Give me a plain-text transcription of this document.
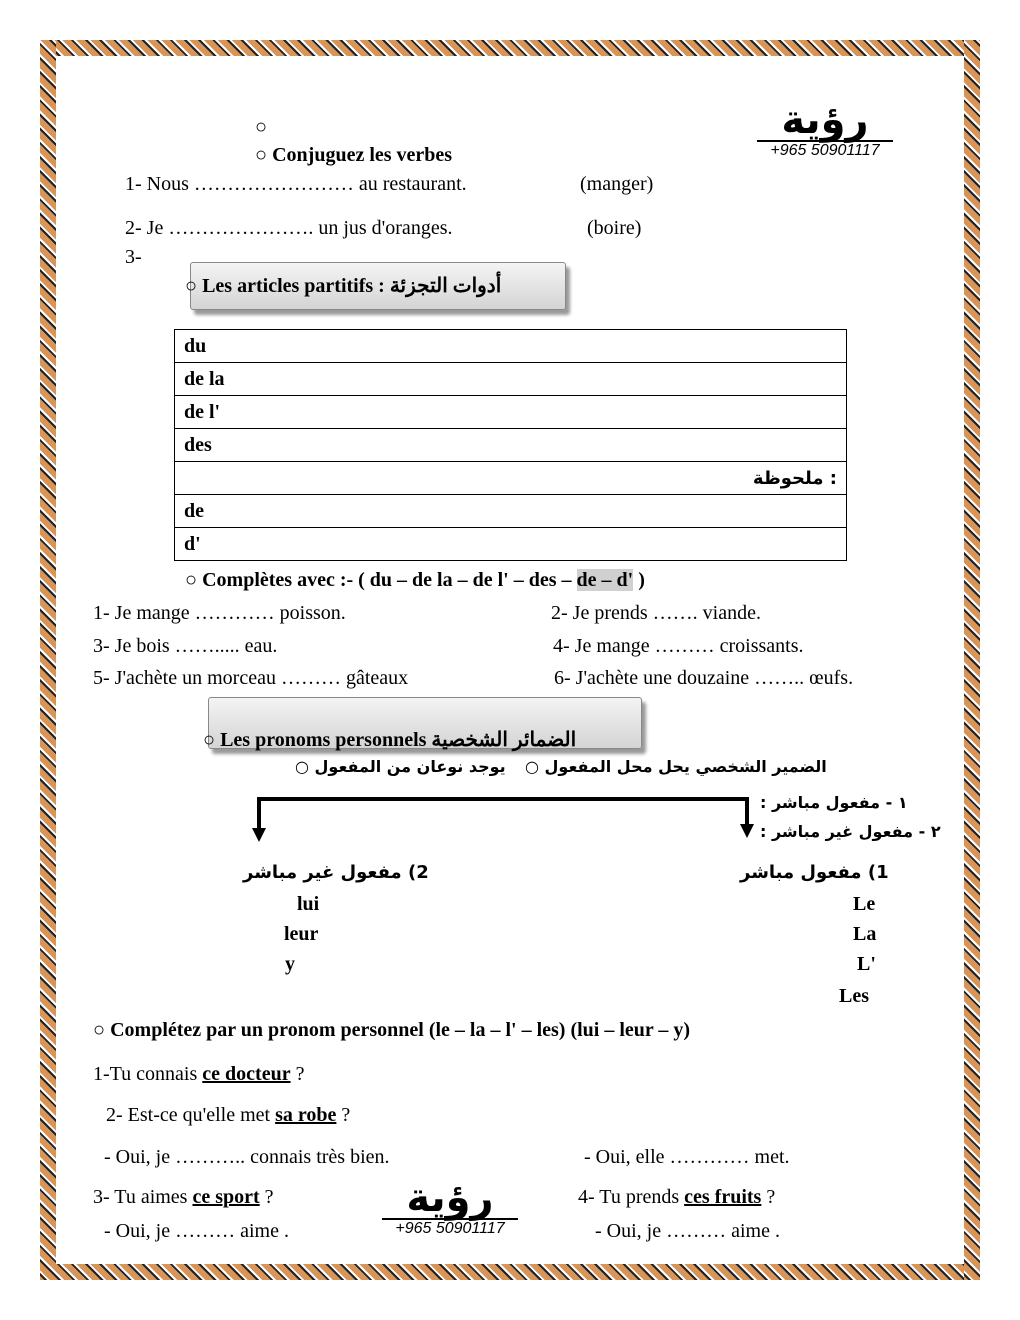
رؤية
+965 50901117
○
○ Conjuguez les verbes
1- Nous …………………… au restaurant.	(manger)
2- Je …………………. un jus d'oranges.	(boire)
3-
○ Les articles partitifs : أدوات التجزئة
du
de la
de l'
des
: ملحوظة
de
d'
○ Complètes avec :- ( du – de la – de l' – des – de – d' )
1- Je mange ………… poisson.	2- Je prends ……. viande.
3- Je bois ……..... eau.	4- Je mange ……… croissants.
5- J'achète un morceau ……… gâteaux	6- J'achète une douzaine …….. œufs.
○ Les pronoms personnels الضمائر الشخصية
الضمير الشخصي يحل محل المفعول ○
يوجد نوعان من المفعول ○
١ - مفعول مباشر :
٢ - مفعول غير مباشر :
1) مفعول مباشر
Le
La
L'
Les
2) مفعول غير مباشر
lui
leur
y
○ Complétez par un pronom personnel (le – la – l' – les) (lui – leur – y)
1-Tu connais ce docteur ?
2- Est-ce qu'elle met sa robe ?
- Oui, je ……….. connais très bien.	- Oui, elle ………… met.
3- Tu aimes ce sport ?	4- Tu prends ces fruits ?
- Oui, je ……… aime .	- Oui, je ……… aime .
رؤية
+965 50901117
